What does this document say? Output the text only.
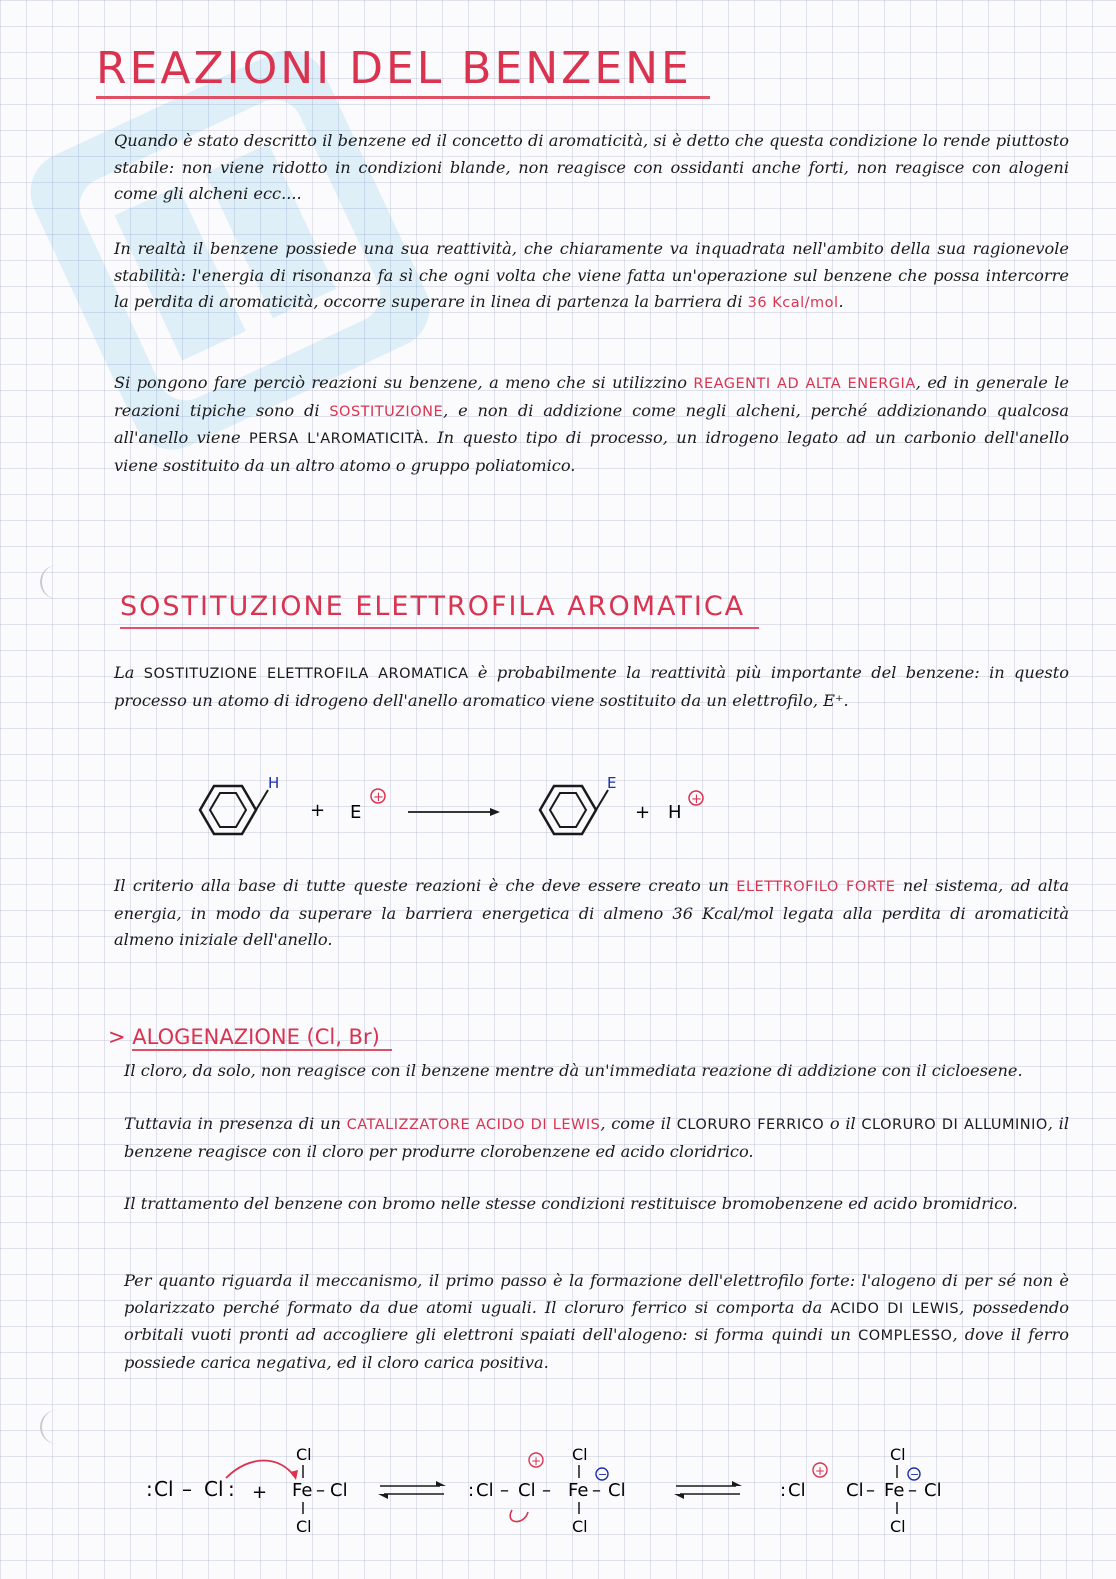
REAZIONI DEL BENZENE

Quando è stato descritto il benzene ed il concetto di aromaticità, si è detto che questa condizione lo rende piuttosto stabile: non viene ridotto in condizioni blande, non reagisce con ossidanti anche forti, non reagisce con alogeni come gli alcheni ecc....

In realtà il benzene possiede una sua reattività, che chiaramente va inquadrata nell'ambito della sua ragionevole stabilità: l'energia di risonanza fa sì che ogni volta che viene fatta un'operazione sul benzene che possa intercorre la perdita di aromaticità, occorre superare in linea di partenza la barriera di 36 Kcal/mol.

Si pongono fare perciò reazioni su benzene, a meno che si utilizzino REAGENTI AD ALTA ENERGIA, ed in generale le reazioni tipiche sono di SOSTITUZIONE, e non di addizione come negli alcheni, perché addizionando qualcosa all'anello viene PERSA L'AROMATICITÀ. In questo tipo di processo, un idrogeno legato ad un carbonio dell'anello viene sostituito da un altro atomo o gruppo poliatomico.

SOSTITUZIONE ELETTROFILA AROMATICA

La SOSTITUZIONE ELETTROFILA AROMATICA è probabilmente la reattività più importante del benzene: in questo processo un atomo di idrogeno dell'anello aromatico viene sostituito da un elettrofilo, E⁺.

H
+ E
+
E
+ H
+

Il criterio alla base di tutte queste reazioni è che deve essere creato un ELETTROFILO FORTE nel sistema, ad alta energia, in modo da superare la barriera energetica di almeno 36 Kcal/mol legata alla perdita di aromaticità almeno iniziale dell'anello.

> ALOGENAZIONE (Cl, Br)

Il cloro, da solo, non reagisce con il benzene mentre dà un'immediata reazione di addizione con il cicloesene.

Tuttavia in presenza di un CATALIZZATORE ACIDO DI LEWIS, come il CLORURO FERRICO o il CLORURO DI ALLUMINIO, il benzene reagisce con il cloro per produrre clorobenzene ed acido cloridrico.

Il trattamento del benzene con bromo nelle stesse condizioni restituisce bromobenzene ed acido bromidrico.

Per quanto riguarda il meccanismo, il primo passo è la formazione dell'elettrofilo forte: l'alogeno di per sé non è polarizzato perché formato da due atomi uguali. Il cloruro ferrico si comporta da ACIDO DI LEWIS, possedendo orbitali vuoti pronti ad accogliere gli elettroni spaiati dell'alogeno: si forma quindi un COMPLESSO, dove il ferro possiede carica negativa, ed il cloro carica positiva.

: Cl – Cl : +
Cl
Fe – Cl
Cl
: Cl – Cl
+
–
Cl
Fe
−
– Cl
Cl
: Cl
+
Cl –
Cl
Fe
−
– Cl
Cl
